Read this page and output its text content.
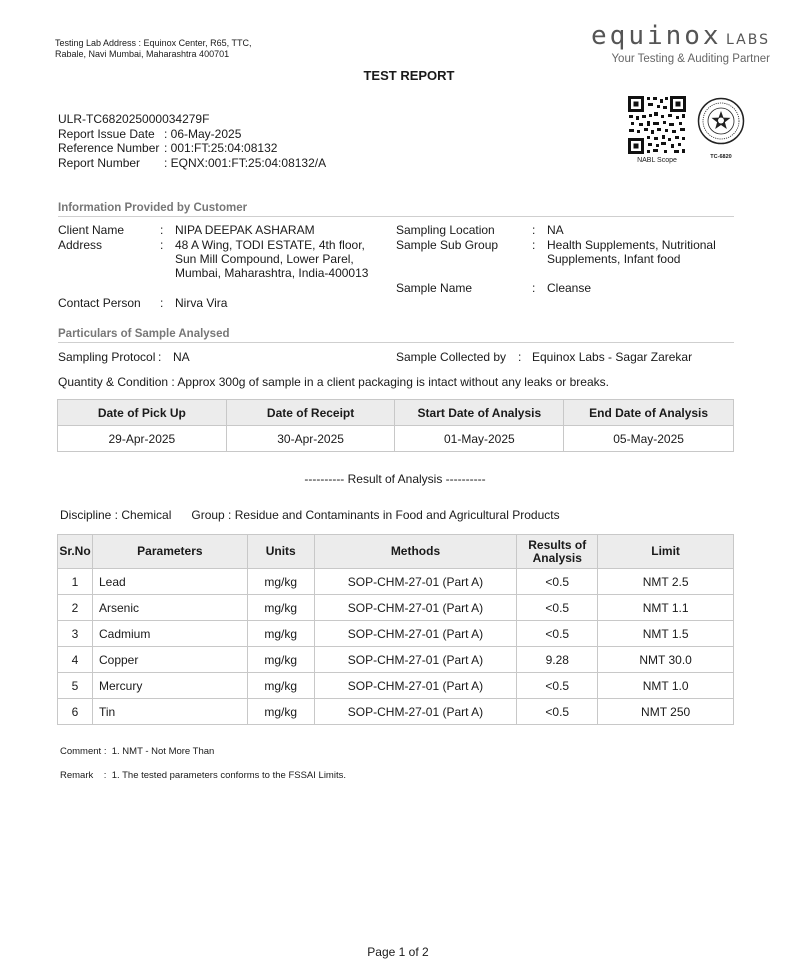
Testing Lab Address : Equinox Center, R65, TTC, Rabale, Navi Mumbai, Maharashtra 400701
TEST REPORT
equinox LABS
Your Testing & Auditing Partner
NABL Scope	TC-6820
ULR-TC682025000034279F
Report Issue Date : 06-May-2025
Reference Number : 001:FT:25:04:08132
Report Number	: EQNX:001:FT:25:04:08132/A
Information Provided by Customer
Client Name	: NIPA DEEPAK ASHARAM
Address	: 48 A Wing, TODI ESTATE, 4th floor, Sun Mill Compound, Lower Parel, Mumbai, Maharashtra, India-400013
Contact Person : Nirva Vira
Sampling Location	: NA
Sample Sub Group	: Health Supplements, Nutritional Supplements, Infant food
Sample Name	: Cleanse
Particulars of Sample Analysed
Sampling Protocol : NA	Sample Collected by : Equinox Labs - Sagar Zarekar
Quantity & Condition : Approx 300g of sample in a client packaging is intact without any leaks or breaks.
Date of Pick Up	Date of Receipt	Start Date of Analysis	End Date of Analysis
29-Apr-2025	30-Apr-2025	01-May-2025	05-May-2025
---------- Result of Analysis ----------
Discipline : Chemical Group : Residue and Contaminants in Food and Agricultural Products
Sr.No	Parameters	Units	Methods	Results of Analysis	Limit
1	Lead	mg/kg	SOP-CHM-27-01 (Part A)	<0.5	NMT 2.5
2	Arsenic	mg/kg	SOP-CHM-27-01 (Part A)	<0.5	NMT 1.1
3	Cadmium	mg/kg	SOP-CHM-27-01 (Part A)	<0.5	NMT 1.5
4	Copper	mg/kg	SOP-CHM-27-01 (Part A)	9.28	NMT 30.0
5	Mercury	mg/kg	SOP-CHM-27-01 (Part A)	<0.5	NMT 1.0
6	Tin	mg/kg	SOP-CHM-27-01 (Part A)	<0.5	NMT 250
Comment :  1. NMT - Not More Than
Remark    :  1. The tested parameters conforms to the FSSAI Limits.
Page 1 of 2
